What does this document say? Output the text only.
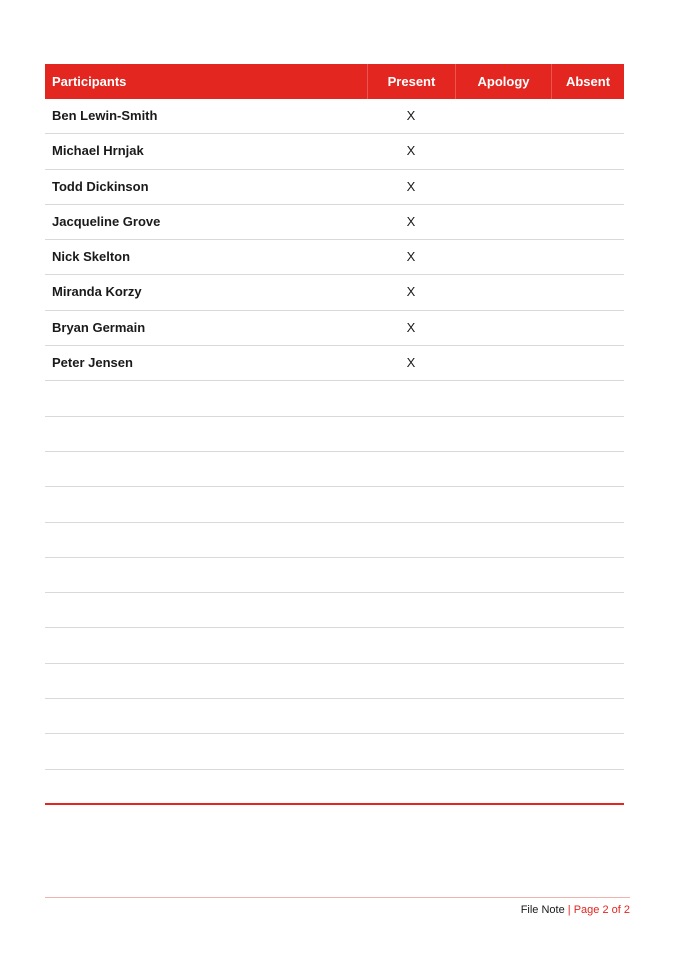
Participants	Present	Apology	Absent
Ben Lewin-Smith	X
Michael Hrnjak	X
Todd Dickinson	X
Jacqueline Grove	X
Nick Skelton	X
Miranda Korzy	X
Bryan Germain	X
Peter Jensen	X
File Note | Page 2 of 2
